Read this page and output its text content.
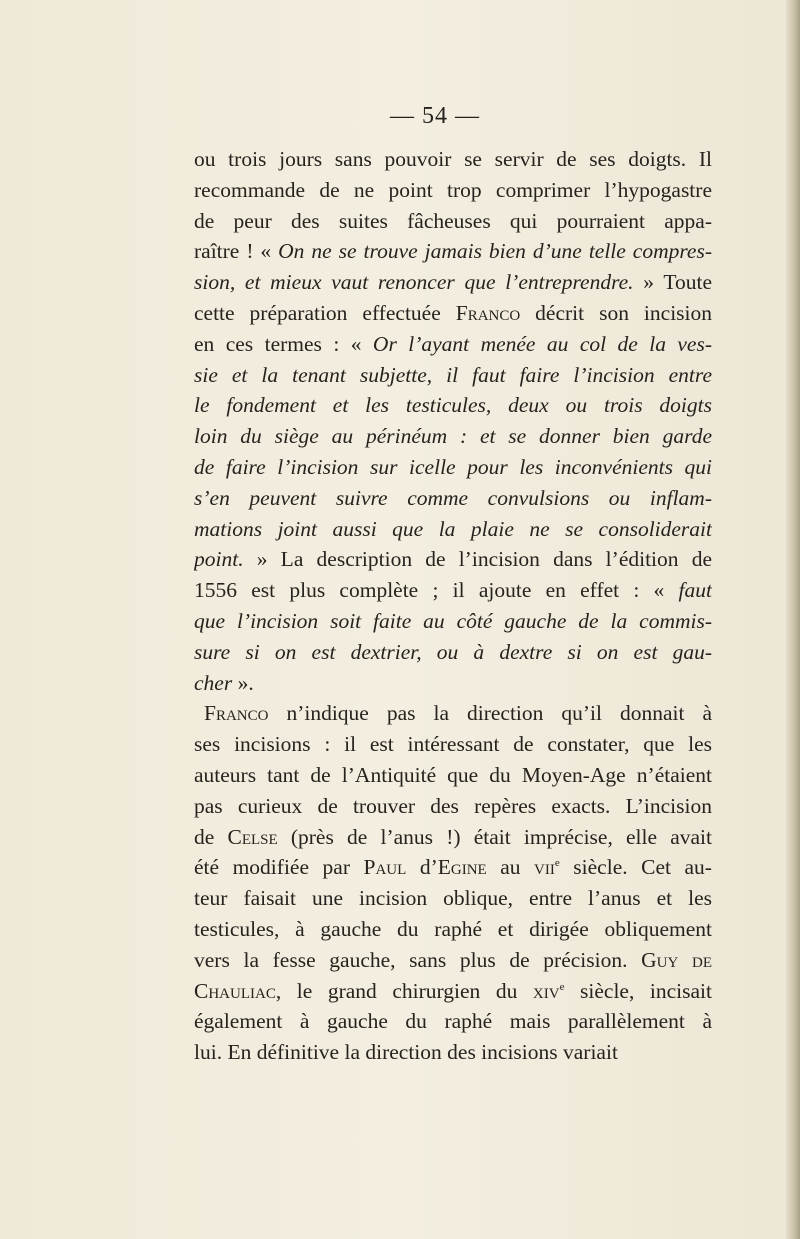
— 54 —
ou trois jours sans pouvoir se servir de ses doigts. Il
recommande de ne point trop comprimer l’hypogastre
de peur des suites fâcheuses qui pourraient appa-
raître ! « On ne se trouve jamais bien d’une telle compres-
sion, et mieux vaut renoncer que l’entreprendre. » Toute
cette préparation effectuée Franco décrit son incision
en ces termes : « Or l’ayant menée au col de la ves-
sie et la tenant subjette, il faut faire l’incision entre
le fondement et les testicules, deux ou trois doigts
loin du siège au périnéum : et se donner bien garde
de faire l’incision sur icelle pour les inconvénients qui
s’en peuvent suivre comme convulsions ou inflam-
mations joint aussi que la plaie ne se consoliderait
point. » La description de l’incision dans l’édition de
1556 est plus complète ; il ajoute en effet : « faut
que l’incision soit faite au côté gauche de la commis-
sure si on est dextrier, ou à dextre si on est gau-
cher ».
Franco n’indique pas la direction qu’il donnait à
ses incisions : il est intéressant de constater, que les
auteurs tant de l’Antiquité que du Moyen-Age n’étaient
pas curieux de trouver des repères exacts. L’incision
de Celse (près de l’anus !) était imprécise, elle avait
été modifiée par Paul d’Egine au vii$^e$ siècle. Cet au-
teur faisait une incision oblique, entre l’anus et les
testicules, à gauche du raphé et dirigée obliquement
vers la fesse gauche, sans plus de précision. Guy de
Chauliac, le grand chirurgien du xiv$^e$ siècle, incisait
également à gauche du raphé mais parallèlement à
lui. En définitive la direction des incisions variait
